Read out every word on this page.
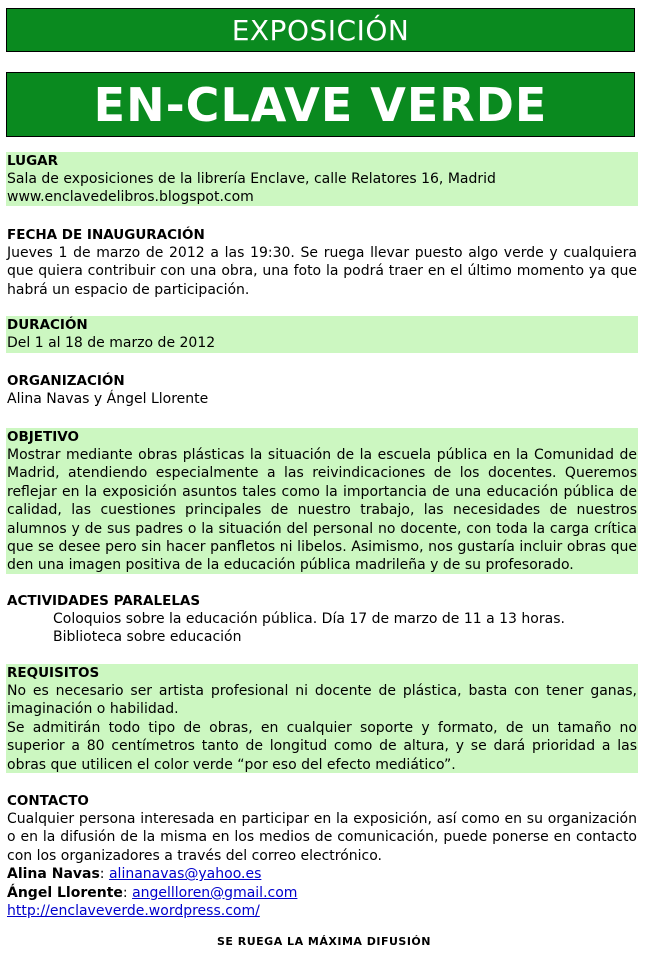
EXPOSICIÓN
EN-CLAVE VERDE
LUGAR
Sala de exposiciones de la librería Enclave, calle Relatores 16, Madrid
www.enclavedelibros.blogspot.com
FECHA DE INAUGURACIÓN
Jueves 1 de marzo de 2012 a las 19:30. Se ruega llevar puesto algo verde y cualquiera que quiera contribuir con una obra, una foto la podrá traer en el último momento ya que habrá un espacio de participación.
DURACIÓN
Del 1 al 18 de marzo de 2012
ORGANIZACIÓN
Alina Navas y Ángel Llorente
OBJETIVO
Mostrar mediante obras plásticas la situación de la escuela pública en la Comunidad de Madrid, atendiendo especialmente a las reivindicaciones de los docentes. Queremos reflejar en la exposición asuntos tales como la importancia de una educación pública de calidad, las cuestiones principales de nuestro trabajo, las necesidades de nuestros alumnos y de sus padres o la situación del personal no docente, con toda la carga crítica que se desee pero sin hacer panfletos ni libelos. Asimismo, nos gustaría incluir obras que den una imagen positiva de la educación pública madrileña y de su profesorado.
ACTIVIDADES PARALELAS
Coloquios sobre la educación pública. Día 17 de marzo de 11 a 13 horas.
Biblioteca sobre educación
REQUISITOS
No es necesario ser artista profesional ni docente de plástica, basta con tener ganas, imaginación o habilidad.
Se admitirán todo tipo de obras, en cualquier soporte y formato, de un tamaño no superior a 80 centímetros tanto de longitud como de altura, y se dará prioridad a las obras que utilicen el color verde “por eso del efecto mediático”.
CONTACTO
Cualquier persona interesada en participar en la exposición, así como en su organización o en la difusión de la misma en los medios de comunicación, puede ponerse en contacto con los organizadores a través del correo electrónico.
Alina Navas: alinanavas@yahoo.es
Ángel Llorente: angellloren@gmail.com
http://enclaveverde.wordpress.com/
SE RUEGA LA MÁXIMA DIFUSIÓN
